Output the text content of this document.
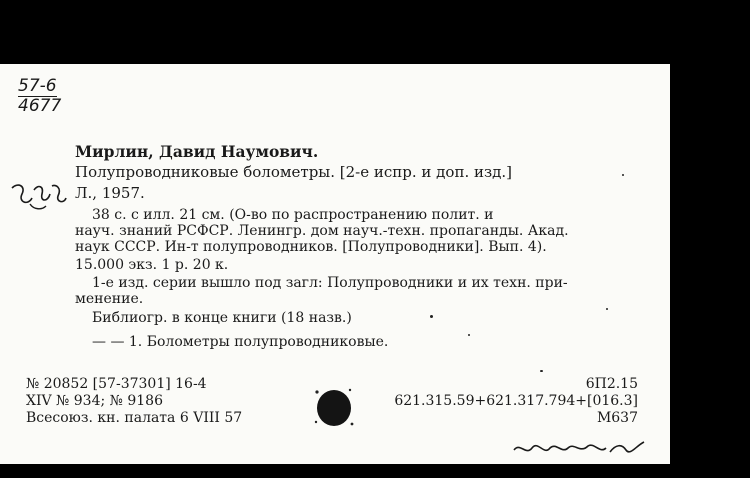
57-6
4677
Мирлин, Давид Наумович.
Полупроводниковые болометры. [2-е испр. и доп. изд.]
Л., 1957.
38 с. с илл. 21 см. (О-во по распространению полит. и
науч. знаний РСФСР. Ленингр. дом науч.-техн. пропаганды. Акад.
наук СССР. Ин-т полупроводников. [Полупроводники]. Вып. 4).
15.000 экз. 1 р. 20 к.
1-е изд. серии вышло под загл: Полупроводники и их техн. при-
менение.
Библиогр. в конце книги (18 назв.)
— — 1. Болометры полупроводниковые.
№ 20852 [57-37301] 16-4
XIV № 934; № 9186
Всесоюз. кн. палата 6 VIII 57
6П2.15
621.315.59+621.317.794+[016.3]
M637
